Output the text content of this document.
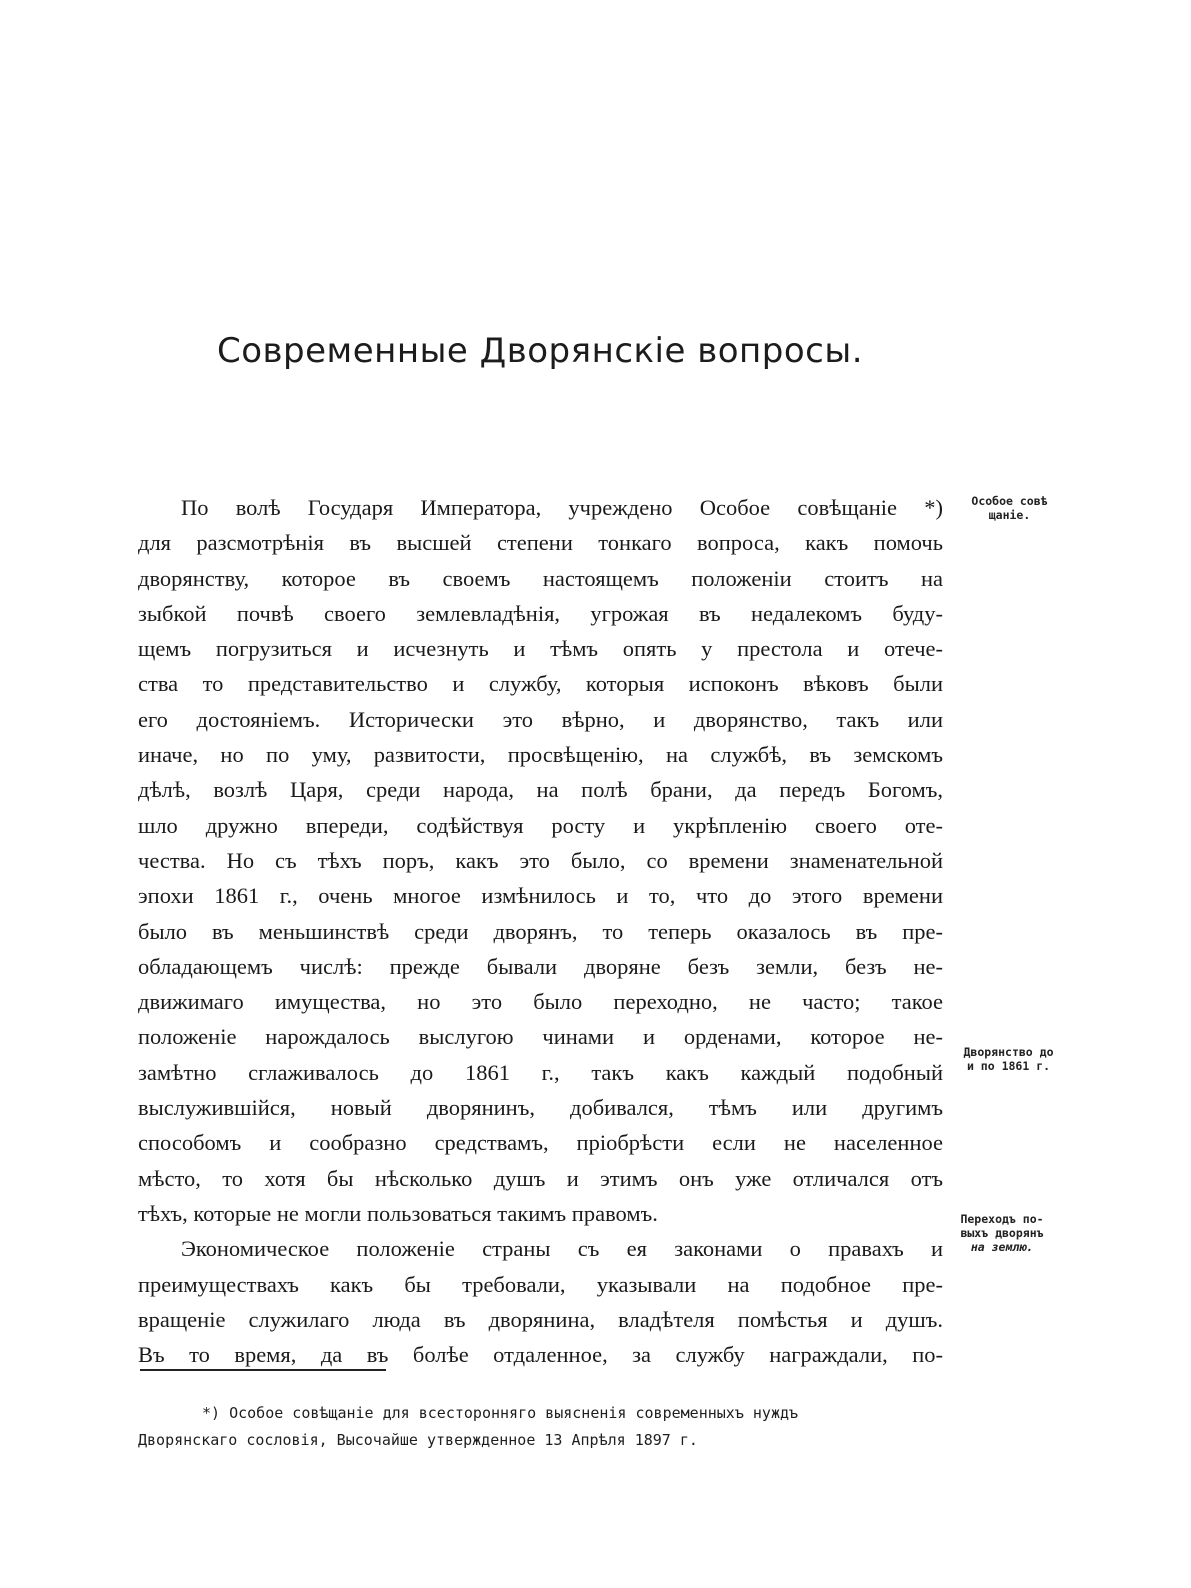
Современные Дворянскіе вопросы.
По волѣ Государя Императора, учреждено Особое совѣщаніе *)
для разсмотрѣнія въ высшей степени тонкаго вопроса, какъ помочь
дворянству, которое въ своемъ настоящемъ положеніи стоитъ на
зыбкой почвѣ своего землевладѣнія, угрожая въ недалекомъ буду-
щемъ погрузиться и исчезнуть и тѣмъ опять у престола и отече-
ства то представительство и службу, которыя испоконъ вѣковъ были
его достояніемъ. Исторически это вѣрно, и дворянство, такъ или
иначе, но по уму, развитости, просвѣщенію, на службѣ, въ земскомъ
дѣлѣ, возлѣ Царя, среди народа, на полѣ брани, да передъ Богомъ,
шло дружно впереди, содѣйствуя росту и укрѣпленію своего оте-
чества. Но съ тѣхъ поръ, какъ это было, со времени знаменательной
эпохи 1861 г., очень многое измѣнилось и то, что до этого времени
было въ меньшинствѣ среди дворянъ, то теперь оказалось въ пре-
обладающемъ числѣ: прежде бывали дворяне безъ земли, безъ не-
движимаго имущества, но это было переходно, не часто; такое
положеніе нарождалось выслугою чинами и орденами, которое не-
замѣтно сглаживалось до 1861 г., такъ какъ каждый подобный
выслужившійся, новый дворянинъ, добивался, тѣмъ или другимъ
способомъ и сообразно средствамъ, пріобрѣсти если не населенное
мѣсто, то хотя бы нѣсколько душъ и этимъ онъ уже отличался отъ
тѣхъ, которые не могли пользоваться такимъ правомъ.
Экономическое положеніе страны съ ея законами о правахъ и
преимуществахъ какъ бы требовали, указывали на подобное пре-
вращеніе служилаго люда въ дворянина, владѣтеля помѣстья и душъ.
Въ то время, да въ болѣе отдаленное, за службу награждали, по-
Особое совѣ
щаніе.
Дворянство до
и по 1861 г.
Переходъ по-
выхъ дворянъ
на землю.
*) Особое совѣщаніе для всесторонняго выясненія современныхъ нуждъ
Дворянскаго сословія, Высочайше утвержденное 13 Апрѣля 1897 г.
